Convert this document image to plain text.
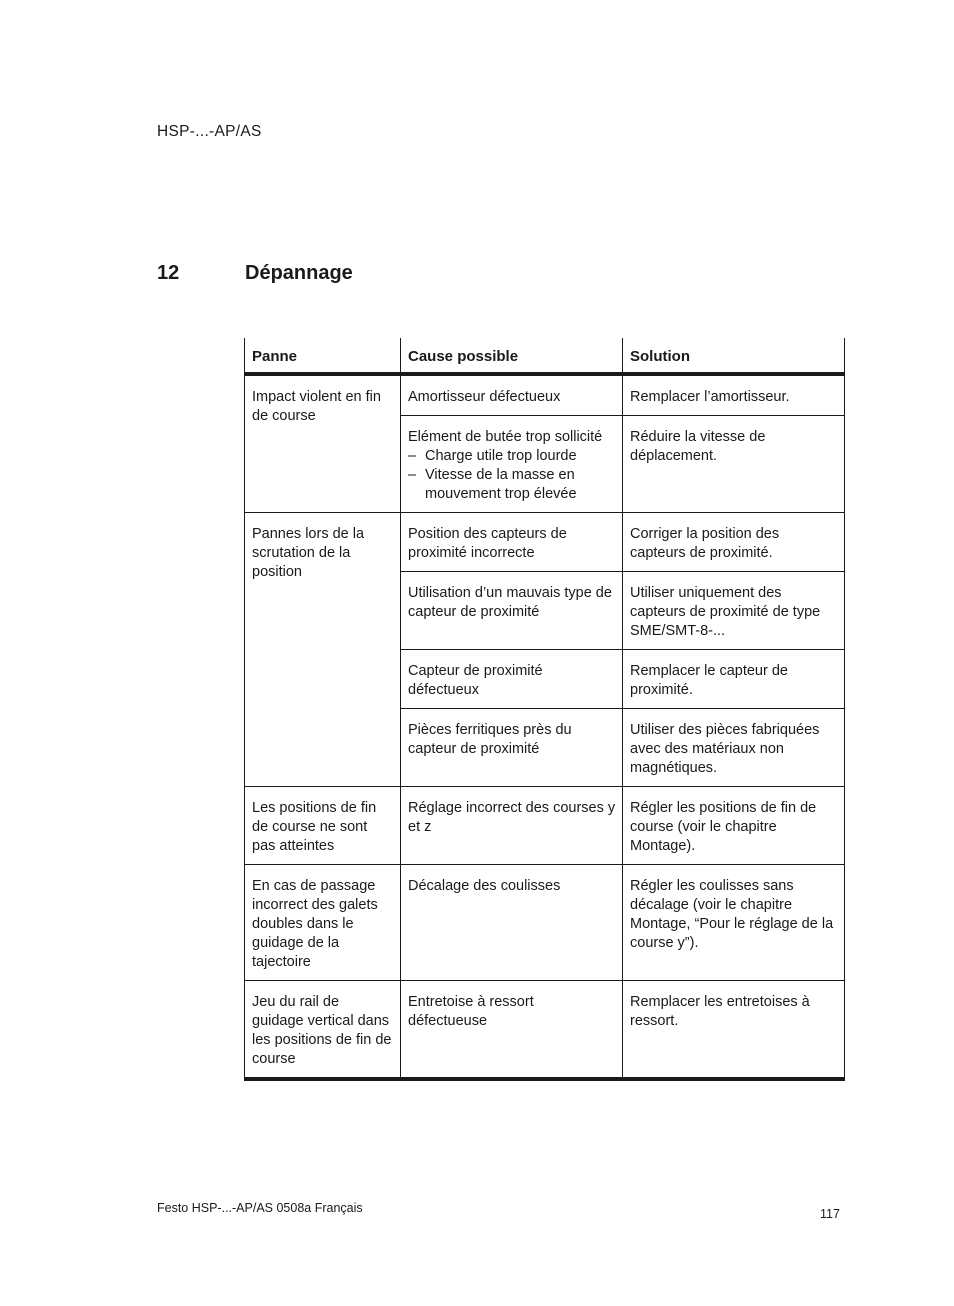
HSP-...-AP/AS
12	Dépannage
Panne	Cause possible	Solution
Impact violent en fin de course	Amortisseur défectueux	Remplacer l’amortisseur.
	Elément de butée trop sollicité
– Charge utile trop lourde
– Vitesse de la masse en mouvement trop élevée	Réduire la vitesse de déplacement.
Pannes lors de la scrutation de la position	Position des capteurs de proximité incorrecte	Corriger la position des capteurs de proximité.
	Utilisation d’un mauvais type de capteur de proximité	Utiliser uniquement des capteurs de proximité de type SME/SMT-8-...
	Capteur de proximité défectueux	Remplacer le capteur de proximité.
	Pièces ferritiques près du capteur de proximité	Utiliser des pièces fabriquées avec des matériaux non magnétiques.
Les positions de fin de course ne sont pas atteintes	Réglage incorrect des courses y et z	Régler les positions de fin de course (voir le chapitre Montage).
En cas de passage incorrect des galets doubles dans le guidage de la tajectoire	Décalage des coulisses	Régler les coulisses sans décalage (voir le chapitre Montage, “Pour le réglage de la course y”).
Jeu du rail de guidage vertical dans les positions de fin de course	Entretoise à ressort défectueuse	Remplacer les entretoises à ressort.
Festo HSP-...-AP/AS 0508a Français	117
